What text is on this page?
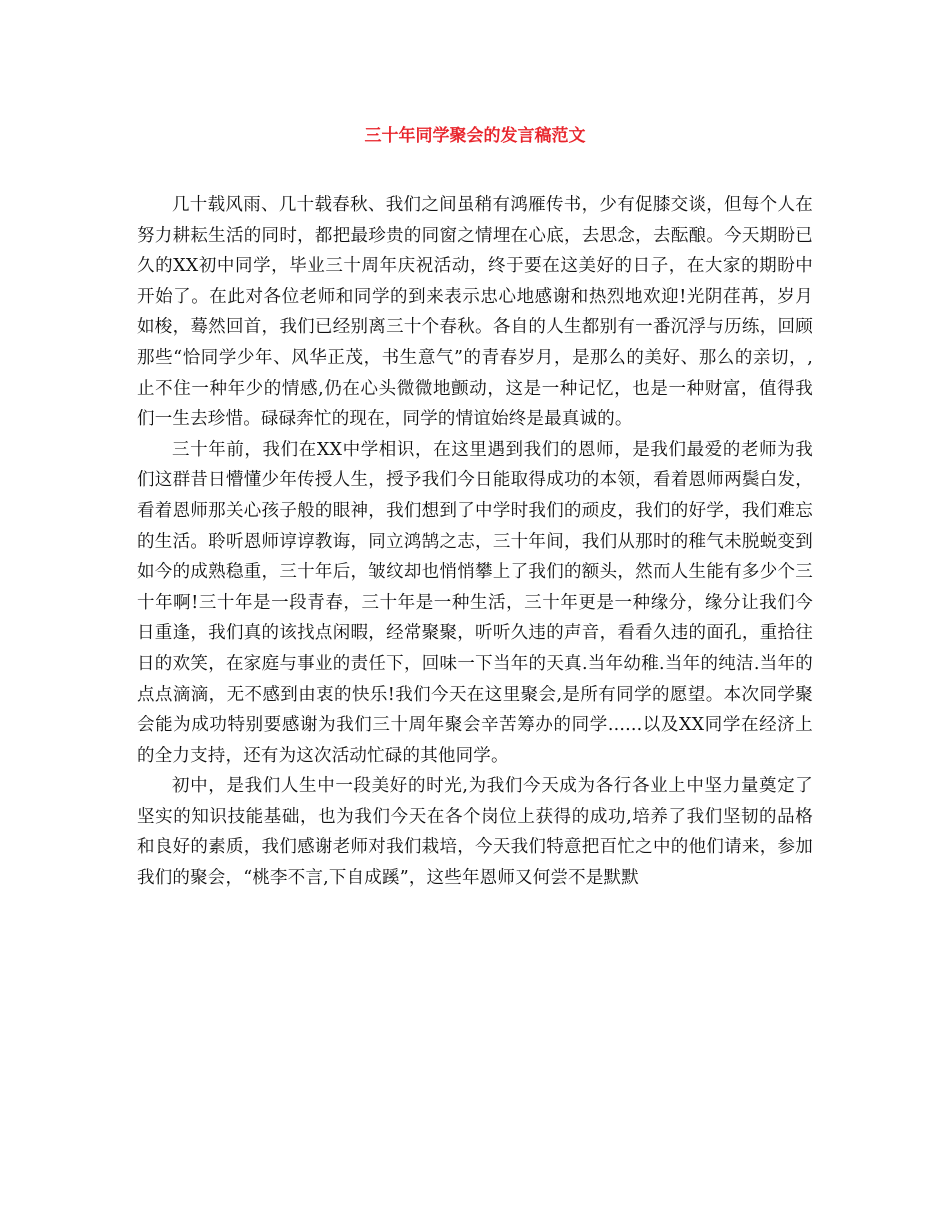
三十年同学聚会的发言稿范文

几十载风雨、几十载春秋、我们之间虽稍有鸿雁传书，少有促膝交谈，但每个人在努力耕耘生活的同时，都把最珍贵的同窗之情埋在心底，去思念，去酝酿。今天期盼已久的XX初中同学，毕业三十周年庆祝活动，终于要在这美好的日子，在大家的期盼中开始了。在此对各位老师和同学的到来表示忠心地感谢和热烈地欢迎!光阴荏苒，岁月如梭，蓦然回首，我们已经别离三十个春秋。各自的人生都别有一番沉浮与历练，回顾那些“恰同学少年、风华正茂，书生意气”的青春岁月，是那么的美好、那么的亲切，,止不住一种年少的情感,仍在心头微微地颤动，这是一种记忆，也是一种财富，值得我们一生去珍惜。碌碌奔忙的现在，同学的情谊始终是最真诚的。

三十年前，我们在XX中学相识，在这里遇到我们的恩师，是我们最爱的老师为我们这群昔日懵懂少年传授人生，授予我们今日能取得成功的本领，看着恩师两鬓白发，看着恩师那关心孩子般的眼神，我们想到了中学时我们的顽皮，我们的好学，我们难忘的生活。聆听恩师谆谆教诲，同立鸿鹄之志，三十年间，我们从那时的稚气未脱蜕变到如今的成熟稳重，三十年后，皱纹却也悄悄攀上了我们的额头，然而人生能有多少个三十年啊!三十年是一段青春，三十年是一种生活，三十年更是一种缘分，缘分让我们今日重逢，我们真的该找点闲暇，经常聚聚，听听久违的声音，看看久违的面孔，重拾往日的欢笑，在家庭与事业的责任下，回味一下当年的天真.当年幼稚.当年的纯洁.当年的点点滴滴，无不感到由衷的快乐!我们今天在这里聚会,是所有同学的愿望。本次同学聚会能为成功特别要感谢为我们三十周年聚会辛苦筹办的同学......以及XX同学在经济上的全力支持，还有为这次活动忙碌的其他同学。

初中，是我们人生中一段美好的时光,为我们今天成为各行各业上中坚力量奠定了坚实的知识技能基础，也为我们今天在各个岗位上获得的成功,培养了我们坚韧的品格和良好的素质，我们感谢老师对我们栽培，今天我们特意把百忙之中的他们请来，参加我们的聚会，“桃李不言,下自成蹊”，这些年恩师又何尝不是默默
